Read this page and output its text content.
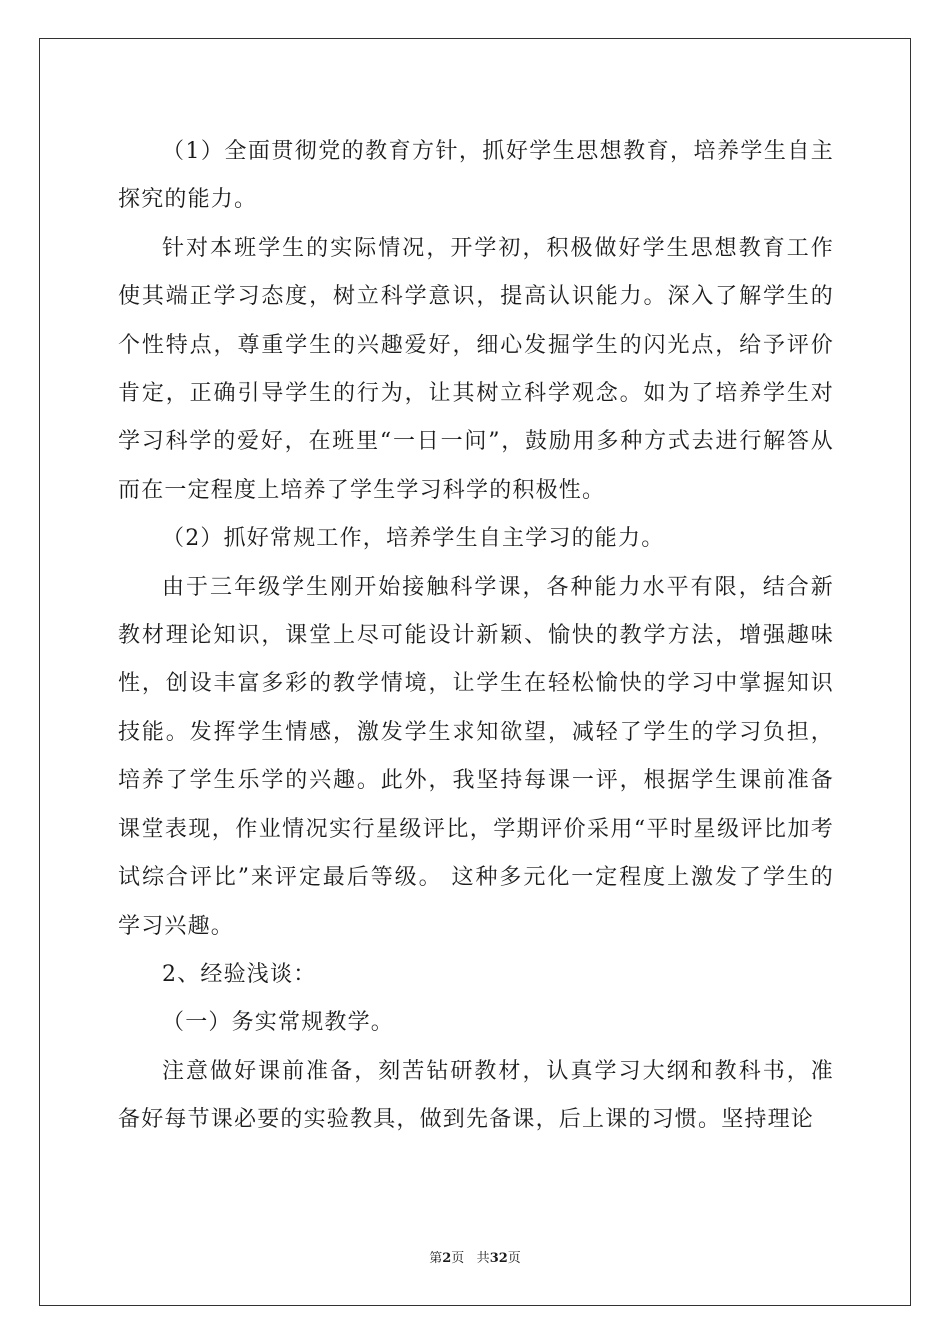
（1）全面贯彻党的教育方针，抓好学生思想教育，培养学生自主探究的能力。

针对本班学生的实际情况，开学初，积极做好学生思想教育工作使其端正学习态度，树立科学意识，提高认识能力。深入了解学生的个性特点，尊重学生的兴趣爱好，细心发掘学生的闪光点，给予评价肯定，正确引导学生的行为，让其树立科学观念。如为了培养学生对学习科学的爱好，在班里“一日一问”，鼓励用多种方式去进行解答从而在一定程度上培养了学生学习科学的积极性。

（2）抓好常规工作，培养学生自主学习的能力。

由于三年级学生刚开始接触科学课，各种能力水平有限，结合新教材理论知识，课堂上尽可能设计新颖、愉快的教学方法，增强趣味性，创设丰富多彩的教学情境，让学生在轻松愉快的学习中掌握知识技能。发挥学生情感，激发学生求知欲望，减轻了学生的学习负担，培养了学生乐学的兴趣。此外，我坚持每课一评，根据学生课前准备课堂表现，作业情况实行星级评比，学期评价采用“平时星级评比加考试综合评比”来评定最后等级。 这种多元化一定程度上激发了学生的学习兴趣。

2、经验浅谈：

（一）务实常规教学。

注意做好课前准备，刻苦钻研教材，认真学习大纲和教科书，准备好每节课必要的实验教具，做到先备课，后上课的习惯。坚持理论

第2页 共32页
